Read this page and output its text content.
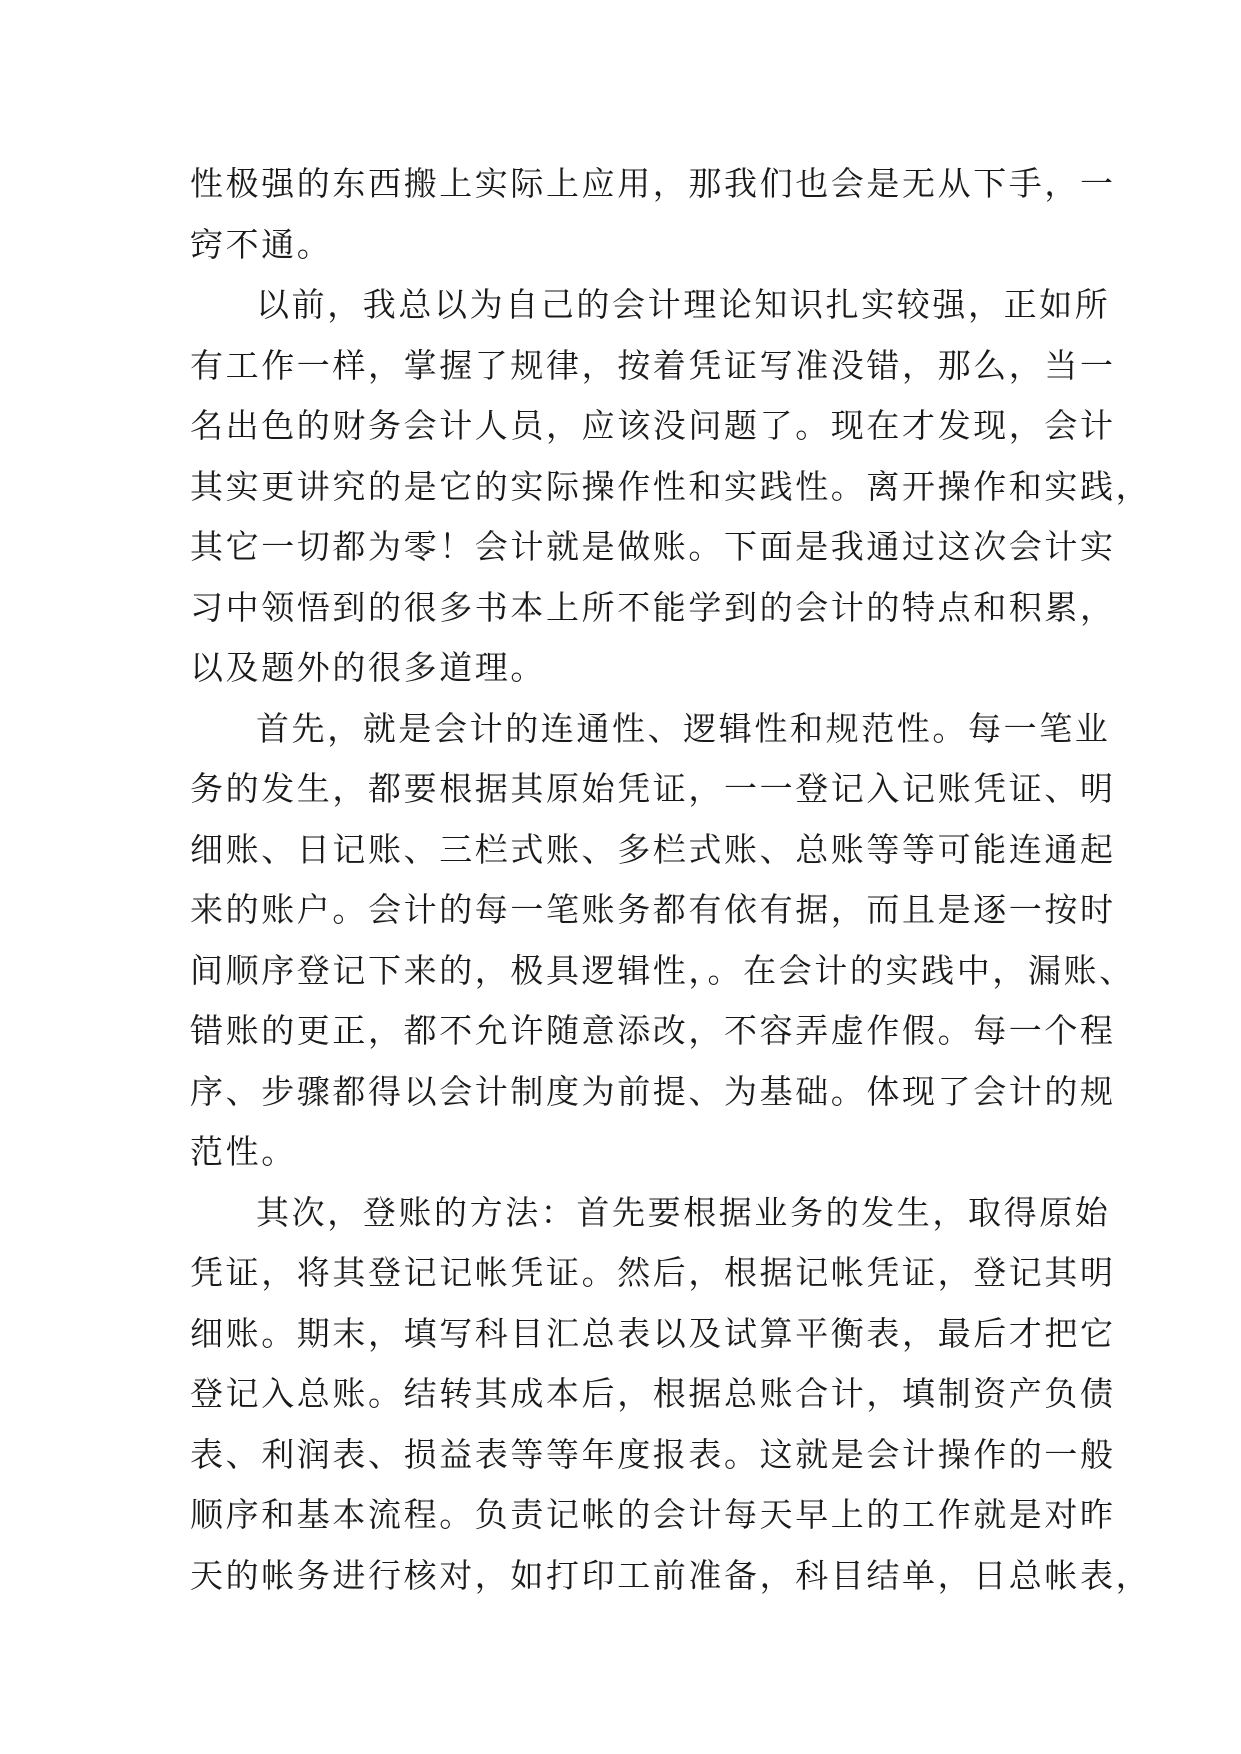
性极强的东西搬上实际上应用，那我们也会是无从下手，一
窍不通。
以前，我总以为自己的会计理论知识扎实较强，正如所
有工作一样，掌握了规律，按着凭证写准没错，那么，当一
名出色的财务会计人员，应该没问题了。现在才发现，会计
其实更讲究的是它的实际操作性和实践性。离开操作和实践，
其它一切都为零！会计就是做账。下面是我通过这次会计实
习中领悟到的很多书本上所不能学到的会计的特点和积累，
以及题外的很多道理。
首先，就是会计的连通性、逻辑性和规范性。每一笔业
务的发生，都要根据其原始凭证，一一登记入记账凭证、明
细账、日记账、三栏式账、多栏式账、总账等等可能连通起
来的账户。会计的每一笔账务都有依有据，而且是逐一按时
间顺序登记下来的，极具逻辑性，。在会计的实践中，漏账、
错账的更正，都不允许随意添改，不容弄虚作假。每一个程
序、步骤都得以会计制度为前提、为基础。体现了会计的规
范性。
其次，登账的方法：首先要根据业务的发生，取得原始
凭证，将其登记记帐凭证。然后，根据记帐凭证，登记其明
细账。期末，填写科目汇总表以及试算平衡表，最后才把它
登记入总账。结转其成本后，根据总账合计，填制资产负债
表、利润表、损益表等等年度报表。这就是会计操作的一般
顺序和基本流程。负责记帐的会计每天早上的工作就是对昨
天的帐务进行核对，如打印工前准备，科目结单，日总帐表，
